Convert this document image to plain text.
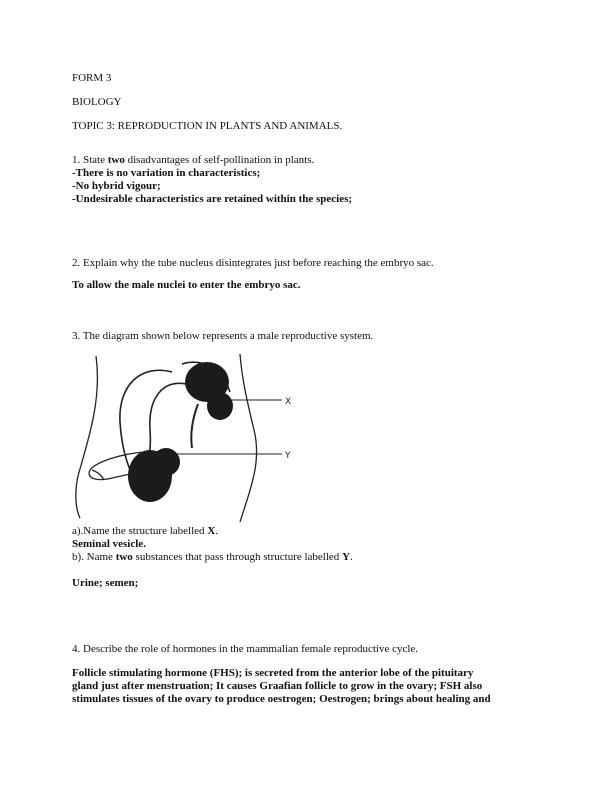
FORM 3

BIOLOGY

TOPIC 3: REPRODUCTION IN PLANTS AND ANIMALS.

1. State two disadvantages of self-pollination in plants.
-There is no variation in characteristics;
-No hybrid vigour;
-Undesirable characteristics are retained within the species;

2. Explain why the tube nucleus disintegrates just before reaching the embryo sac.

To allow the male nuclei to enter the embryo sac.

3. The diagram shown below represents a male reproductive system.

X
Y
a).Name the structure labelled X.
Seminal vesicle.
b). Name two substances that pass through structure labelled Y.

Urine; semen;

4. Describe the role of hormones in the mammalian female reproductive cycle.

Follicle stimulating hormone (FHS); is secreted from the anterior lobe of the pituitary
gland just after menstruation; It causes Graafian follicle to grow in the ovary; FSH also
stimulates tissues of the ovary to produce oestrogen; Oestrogen; brings about healing and
